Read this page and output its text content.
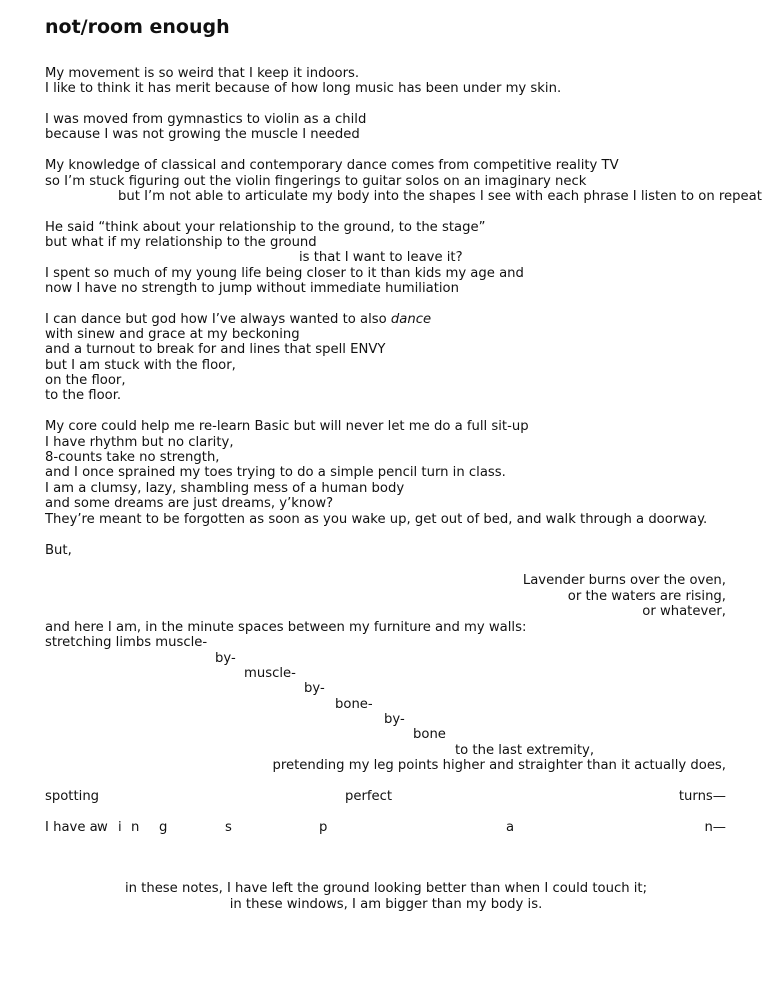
not/room enough
My movement is so weird that I keep it indoors.
I like to think it has merit because of how long music has been under my skin.
I was moved from gymnastics to violin as a child
because I was not growing the muscle I needed
My knowledge of classical and contemporary dance comes from competitive reality TV
so I’m stuck figuring out the violin fingerings to guitar solos on an imaginary neck
but I’m not able to articulate my body into the shapes I see with each phrase I listen to on repeat
He said “think about your relationship to the ground, to the stage”
but what if my relationship to the ground
is that I want to leave it?
I spent so much of my young life being closer to it than kids my age and
now I have no strength to jump without immediate humiliation
I can dance but god how I’ve always wanted to also dance
with sinew and grace at my beckoning
and a turnout to break for and lines that spell ENVY
but I am stuck with the floor,
on the floor,
to the floor.
My core could help me re-learn Basic but will never let me do a full sit-up
I have rhythm but no clarity,
8-counts take no strength,
and I once sprained my toes trying to do a simple pencil turn in class.
I am a clumsy, lazy, shambling mess of a human body
and some dreams are just dreams, y’know?
They’re meant to be forgotten as soon as you wake up, get out of bed, and walk through a doorway.
But,
Lavender burns over the oven,
or the waters are rising,
or whatever,
and here I am, in the minute spaces between my furniture and my walls:
stretching limbs muscle-
by-
muscle-
by-
bone-
by-
bone
to the last extremity,
pretending my leg points higher and straighter than it actually does,
spotting	perfect	turns—
I have a w i n g	s	p	a	n—
in these notes, I have left the ground looking better than when I could touch it;
in these windows, I am bigger than my body is.
